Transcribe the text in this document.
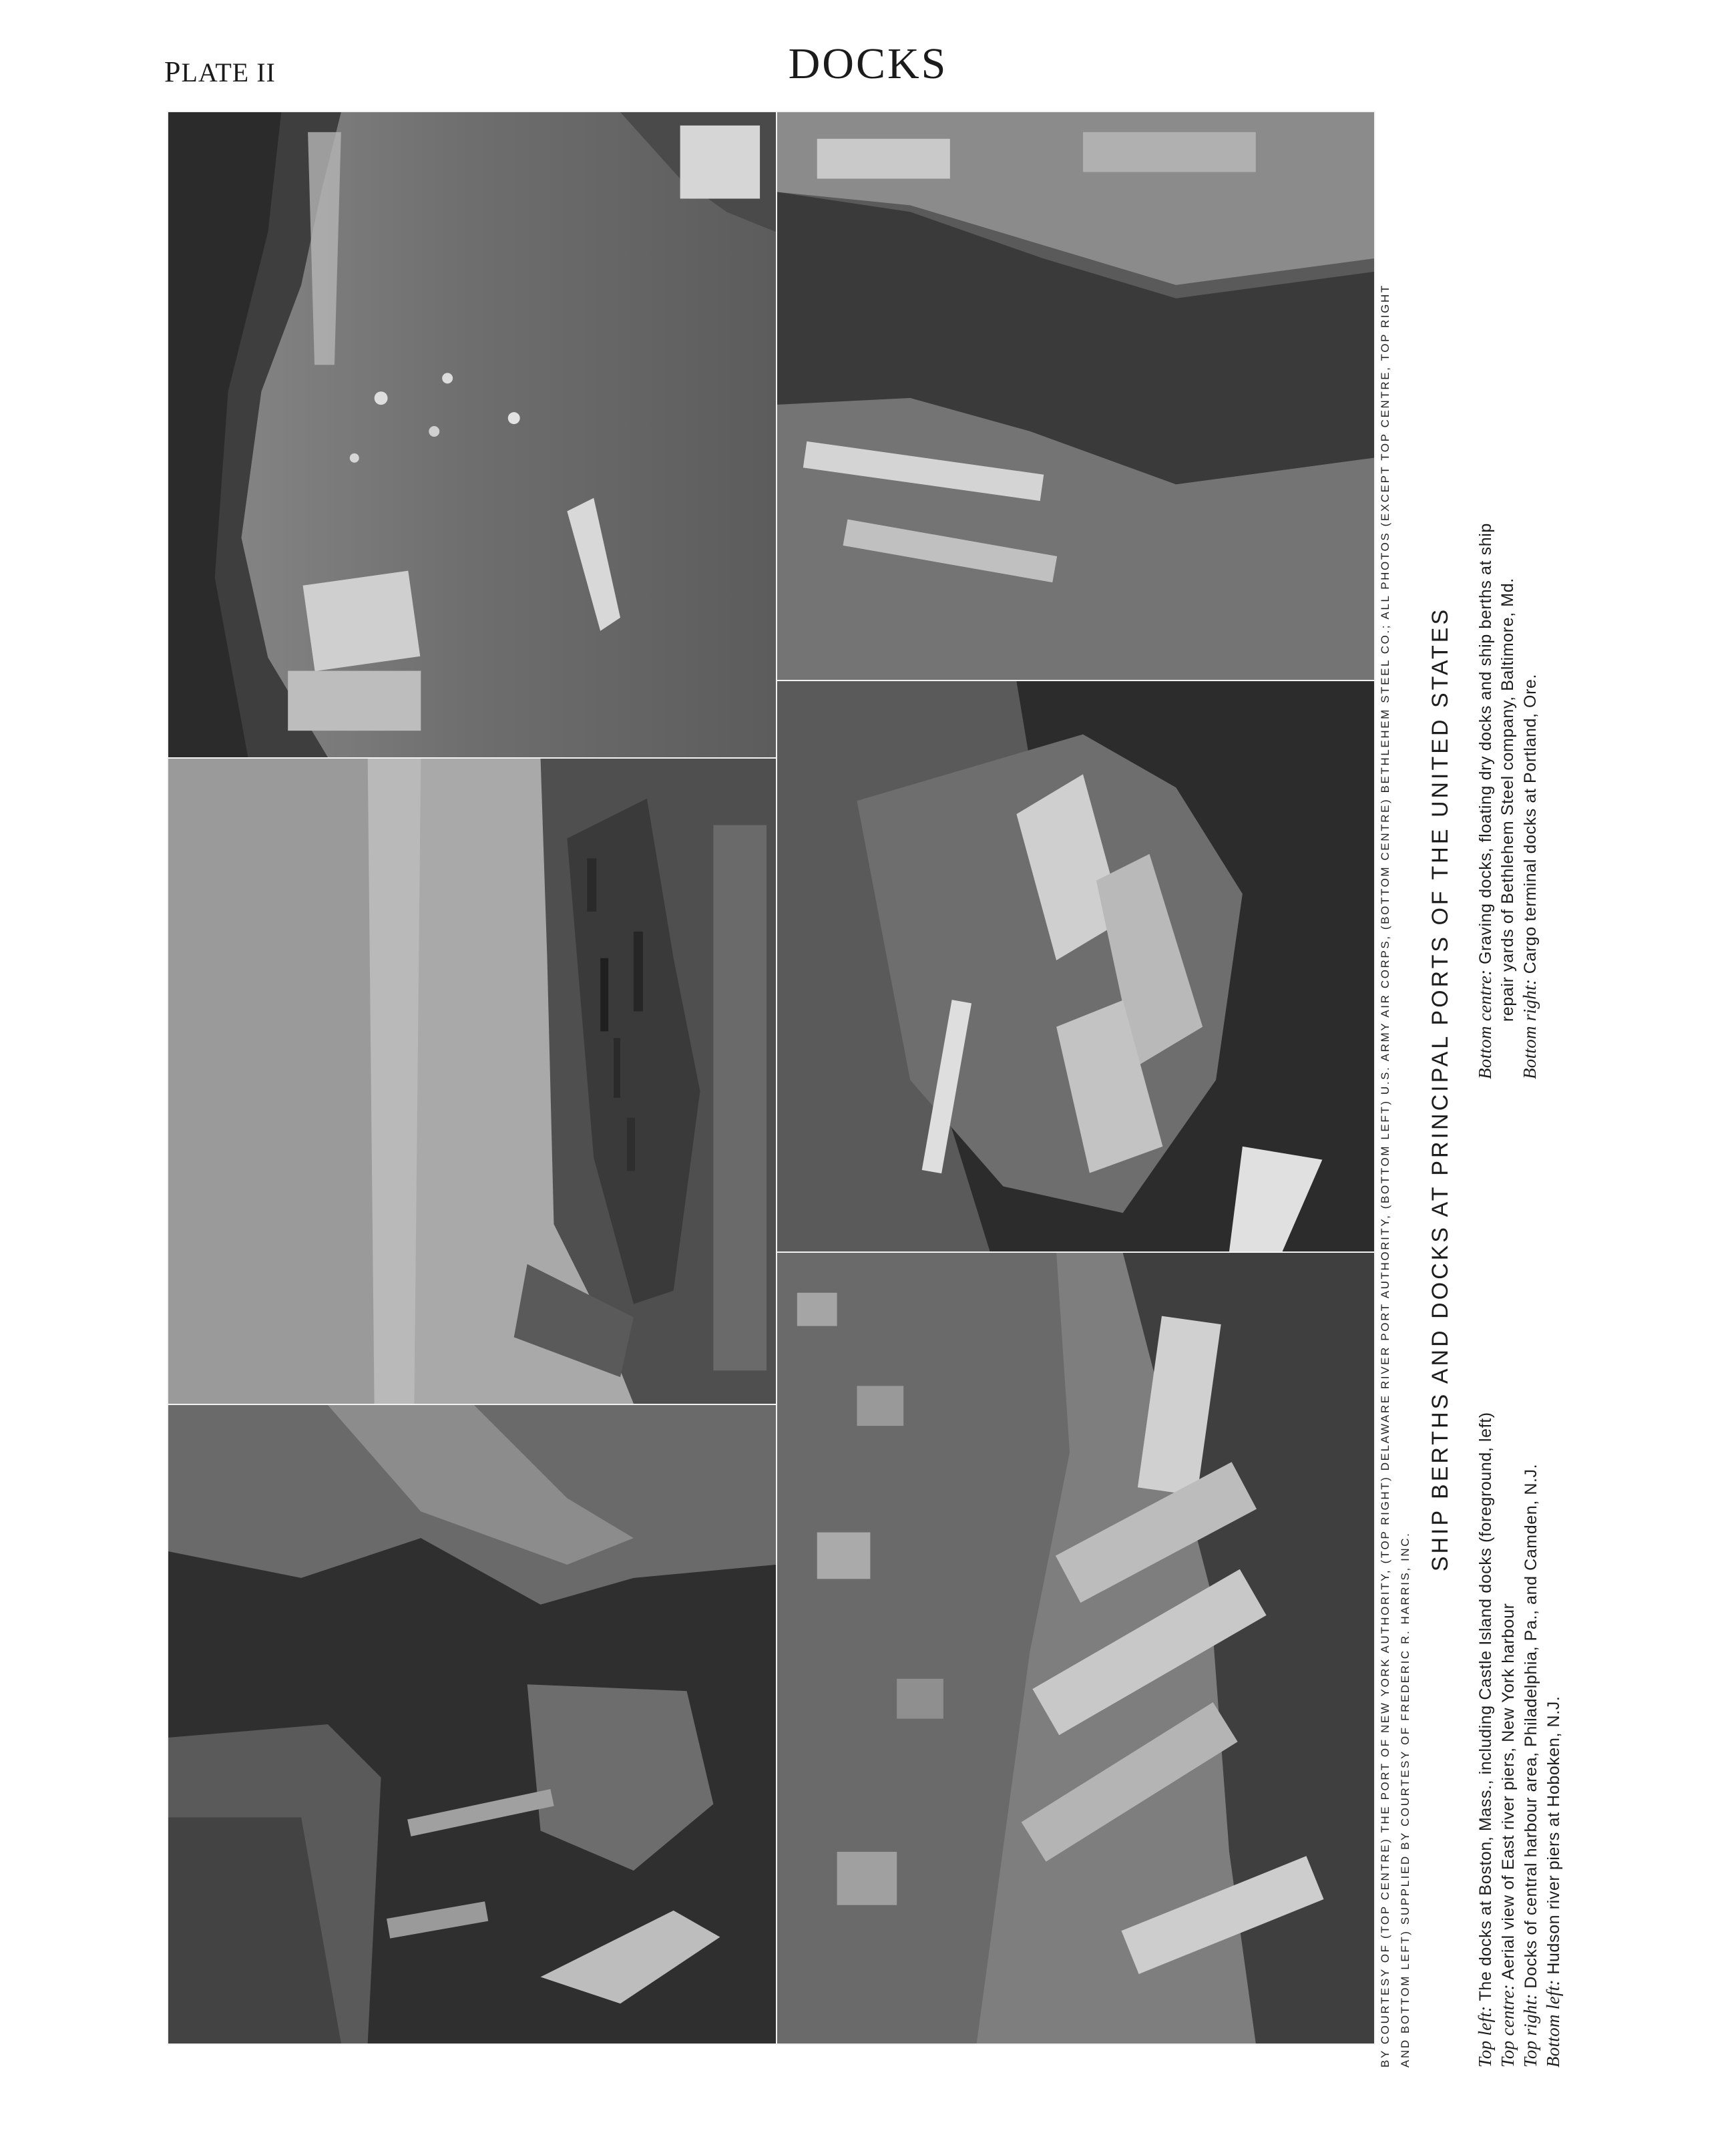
PLATE II	DOCKS
BY COURTESY OF (TOP CENTRE) THE PORT OF NEW YORK AUTHORITY, (TOP RIGHT) DELAWARE RIVER PORT AUTHORITY, (BOTTOM LEFT) U.S. ARMY AIR CORPS, (BOTTOM CENTRE) BETHLEHEM STEEL CO.; ALL PHOTOS (EXCEPT TOP CENTRE, TOP RIGHT AND BOTTOM LEFT) SUPPLIED BY COURTESY OF FREDERIC R. HARRIS, INC.
SHIP BERTHS AND DOCKS AT PRINCIPAL PORTS OF THE UNITED STATES
Top left: The docks at Boston, Mass., including Castle Island docks (foreground, left)
Top centre: Aerial view of East river piers, New York harbour
Top right: Docks of central harbour area, Philadelphia, Pa., and Camden, N.J.
Bottom left: Hudson river piers at Hoboken, N.J.
Bottom centre: Graving docks, floating dry docks and ship berths at ship repair yards of Bethlehem Steel company, Baltimore, Md.
Bottom right: Cargo terminal docks at Portland, Ore.
